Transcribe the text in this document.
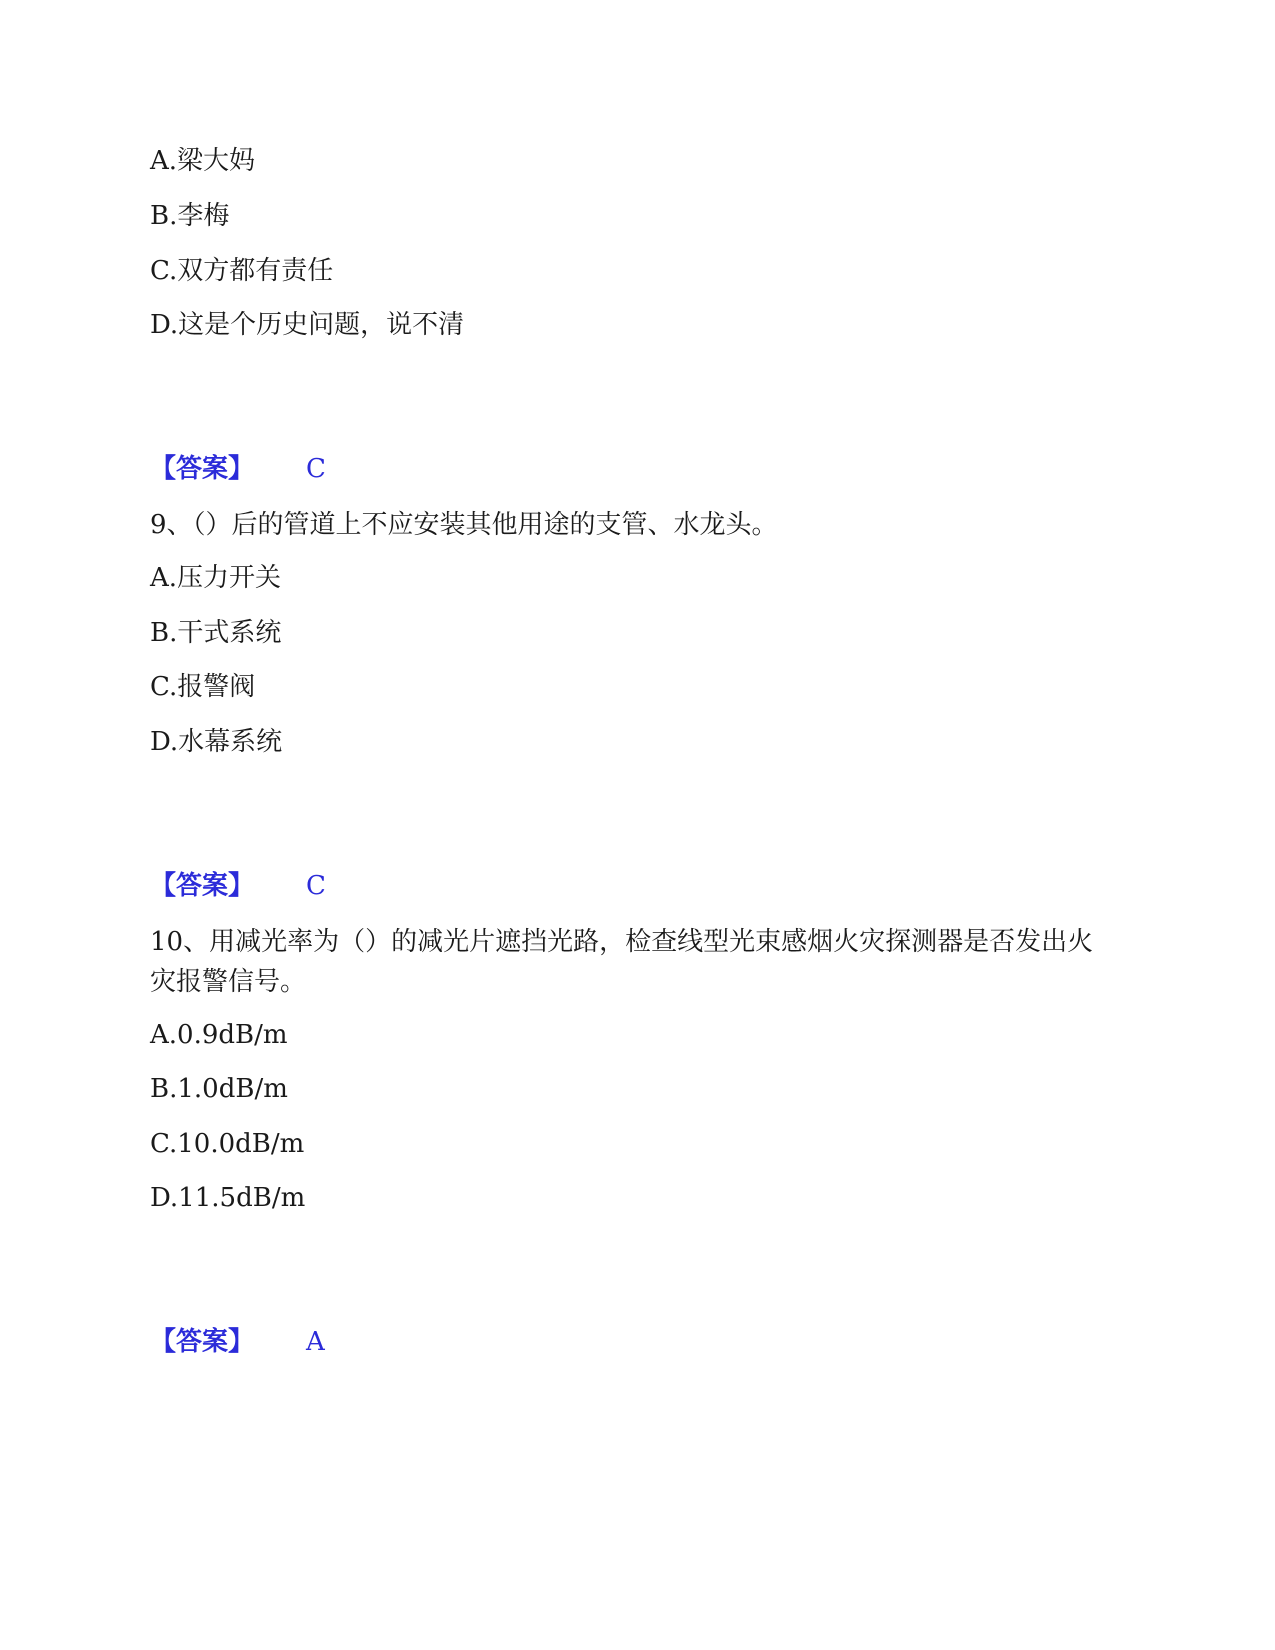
A.梁大妈
B.李梅
C.双方都有责任
D.这是个历史问题，说不清
【答案】 C
9、（）后的管道上不应安装其他用途的支管、水龙头。
A.压力开关
B.干式系统
C.报警阀
D.水幕系统
【答案】 C
10、用减光率为（）的减光片遮挡光路，检查线型光束感烟火灾探测器是否发出火灾报警信号。
A.0.9dB/m
B.1.0dB/m
C.10.0dB/m
D.11.5dB/m
【答案】 A
